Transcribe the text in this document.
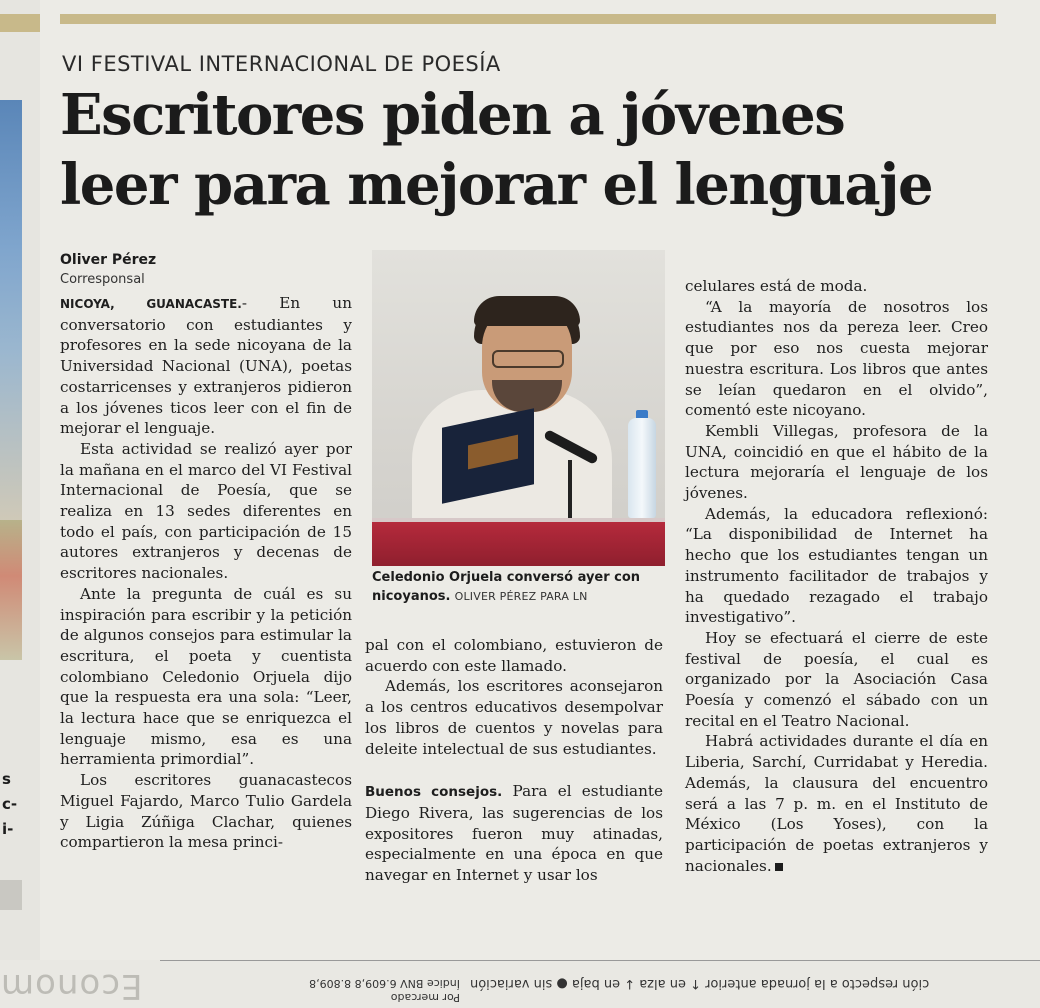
s
c-
i-
VI FESTIVAL INTERNACIONAL DE POESÍA
Escritores piden a jóvenes
leer para mejorar el lenguaje
Oliver Pérez
Corresponsal

NICOYA, GUANACASTE.- En un conversatorio con estudiantes y profesores en la sede nicoyana de la Universidad Nacional (UNA), poetas costarricenses y extranjeros pidieron a los jóvenes ticos leer con el fin de mejorar el lenguaje.

Esta actividad se realizó ayer por la mañana en el marco del VI Festival Internacional de Poesía, que se realiza en 13 sedes diferentes en todo el país, con participación de 15 autores extranjeros y decenas de escritores nacionales.

Ante la pregunta de cuál es su inspiración para escribir y la petición de algunos consejos para estimular la escritura, el poeta y cuentista colombiano Celedonio Orjuela dijo que la respuesta era una sola: “Leer, la lectura hace que se enriquezca el lenguaje mismo, esa es una herramienta primordial”.

Los escritores guanacastecos Miguel Fajardo, Marco Tulio Gardela y Ligia Zúñiga Clachar, quienes compartieron la mesa princi-

Celedonio Orjuela conversó ayer con nicoyanos. OLIVER PÉREZ PARA LN

pal con el colombiano, estuvieron de acuerdo con este llamado.

Además, los escritores aconsejaron a los centros educativos desempolvar los libros de cuentos y novelas para deleite intelectual de sus estudiantes.

Buenos consejos. Para el estudiante Diego Rivera, las sugerencias de los expositores fueron muy atinadas, especialmente en una época en que navegar en Internet y usar los

celulares está de moda.

“A la mayoría de nosotros los estudiantes nos da pereza leer. Creo que por eso nos cuesta mejorar nuestra escritura. Los libros que antes se leían quedaron en el olvido”, comentó este nicoyano.

Kembli Villegas, profesora de la UNA, coincidió en que el hábito de la lectura mejoraría el lenguaje de los jóvenes.

Además, la educadora reflexionó: “La disponibilidad de Internet ha hecho que los estudiantes tengan un instrumento facilitador de trabajos y ha quedado rezagado el trabajo investigativo”.

Hoy se efectuará el cierre de este festival de poesía, el cual es organizado por la Asociación Casa Poesía y comenzó el sábado con un recital en el Teatro Nacional.

Habrá actividades durante el día en Liberia, Sarchí, Curridabat y Heredia. Además, la clausura del encuentro será a las 7 p. m. en el Instituto de México (Los Yoses), con la participación de poetas extranjeros y nacionales.

Econom	Por mercado
Índice BNV 6.609,8 8.809,8	ción respecto a la jornada anterior ↑ en alza ↓ en baja ● sin variación
